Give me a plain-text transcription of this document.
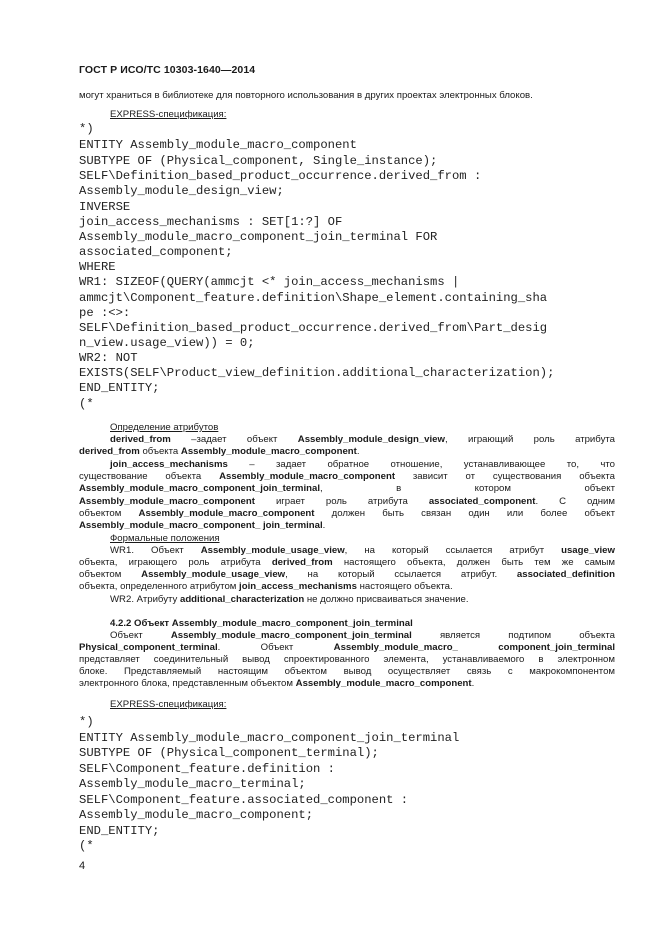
ГОСТ Р ИСО/ТС 10303-1640—2014
могут храниться в библиотеке для повторного использования в других проектах электронных блоков.
EXPRESS-спецификация:
*)
ENTITY Assembly_module_macro_component
SUBTYPE OF (Physical_component, Single_instance);
SELF\Definition_based_product_occurrence.derived_from :
Assembly_module_design_view;
INVERSE
join_access_mechanisms : SET[1:?] OF
Assembly_module_macro_component_join_terminal FOR
associated_component;
WHERE
WR1: SIZEOF(QUERY(ammcjt <* join_access_mechanisms |
ammcjt\Component_feature.definition\Shape_element.containing_sha
pe :<>:
SELF\Definition_based_product_occurrence.derived_from\Part_desig
n_view.usage_view)) = 0;
WR2: NOT
EXISTS(SELF\Product_view_definition.additional_characterization);
END_ENTITY;
(*
Определение атрибутов
derived_from –задает объект Assembly_module_design_view, играющий роль атрибута
derived_from объекта Assembly_module_macro_component.
join_access_mechanisms – задает обратное отношение, устанавливающее то, что
существование объекта Assembly_module_macro_component зависит от существования объекта
Assembly_module_macro_component_join_terminal, в котором объект
Assembly_module_macro_component играет роль атрибута associated_component. С одним
объектом Assembly_module_macro_component должен быть связан один или более объект
Assembly_module_macro_component_ join_terminal.
Формальные положения
WR1. Объект Assembly_module_usage_view, на который ссылается атрибут usage_view
объекта, играющего роль атрибута derived_from настоящего объекта, должен быть тем же самым
объектом Assembly_module_usage_view, на который ссылается атрибут. associated_definition
объекта, определенного атрибутом join_access_mechanisms настоящего объекта.
WR2. Атрибуту additional_characterization не должно присваиваться значение.
4.2.2 Объект Assembly_module_macro_component_join_terminal
Объект Assembly_module_macro_component_join_terminal является подтипом объекта
Physical_component_terminal. Объект Assembly_module_macro_	component_join_terminal
представляет соединительный вывод спроектированного элемента, устанавливаемого в электронном
блоке. Представляемый настоящим объектом вывод осуществляет связь с макрокомпонентом
электронного блока, представленным объектом Assembly_module_macro_component.
EXPRESS-спецификация:
*)
ENTITY Assembly_module_macro_component_join_terminal
SUBTYPE OF (Physical_component_terminal);
SELF\Component_feature.definition :
Assembly_module_macro_terminal;
SELF\Component_feature.associated_component :
Assembly_module_macro_component;
END_ENTITY;
(*
4
